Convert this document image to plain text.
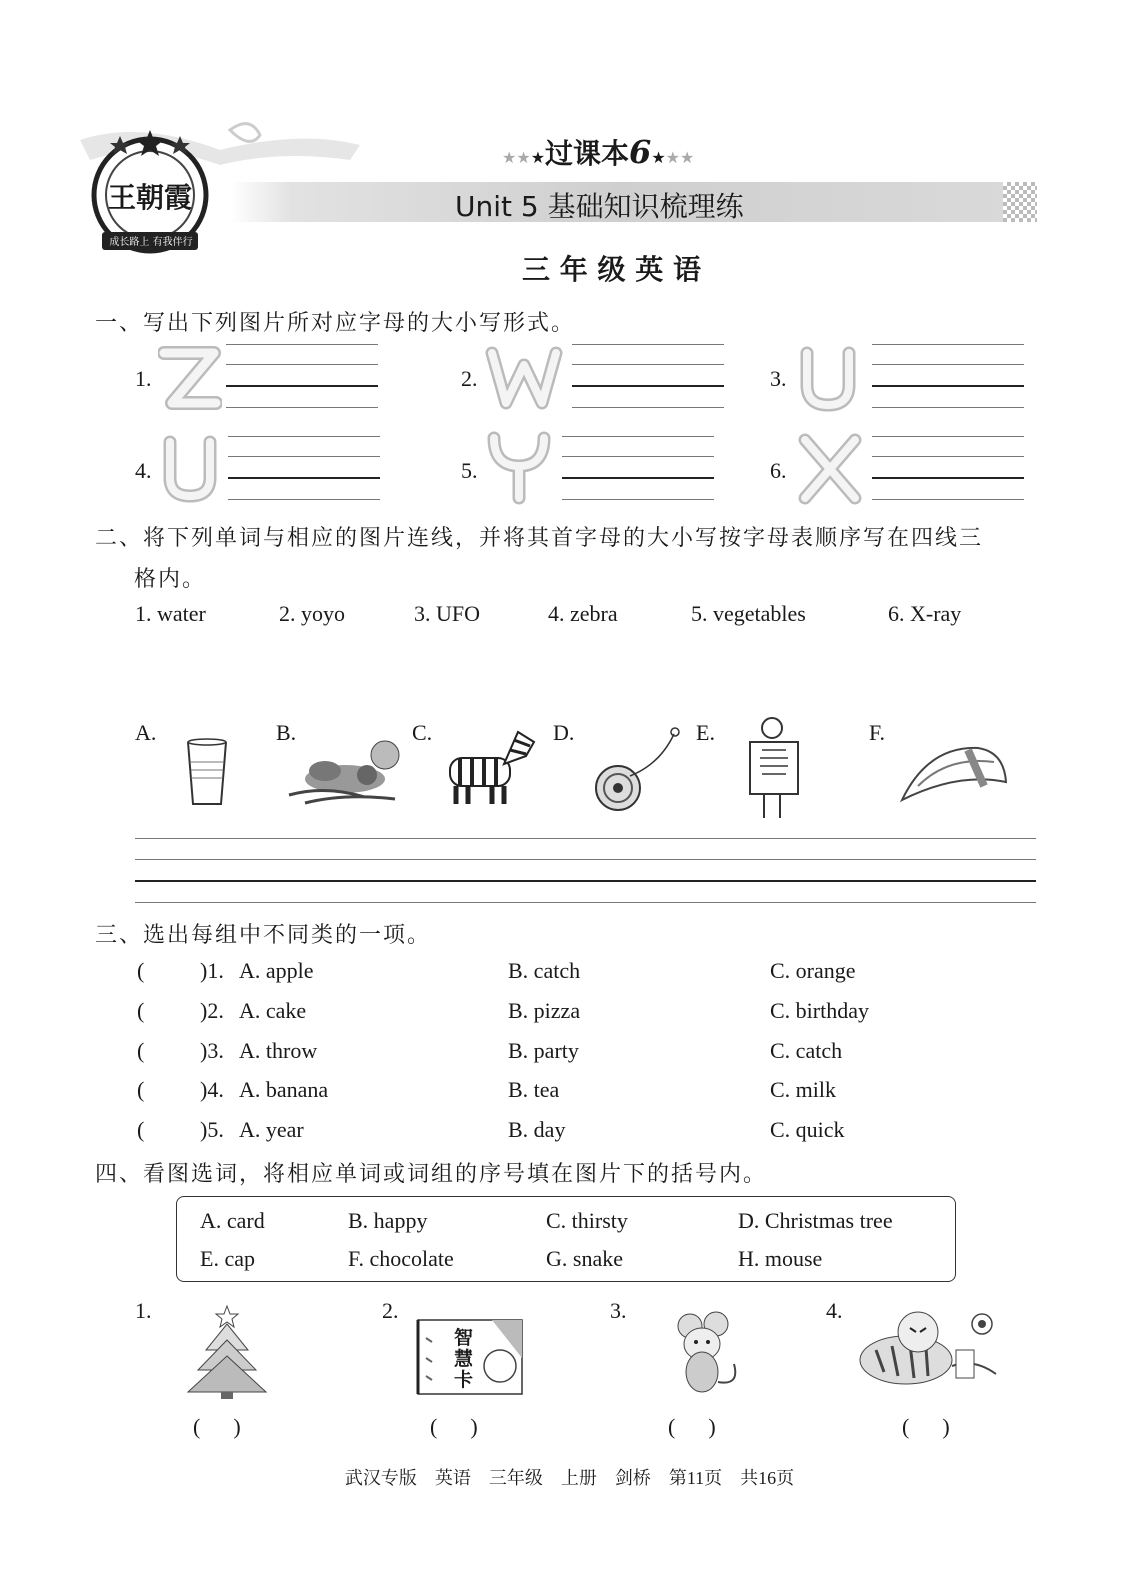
王朝霞
成长路上 有我伴行
★★★过课本6★★★
Unit 5 基础知识梳理练
三 年 级 英 语
一、写出下列图片所对应字母的大小写形式。
1.	2.	3.
4.	5.	6.
二、将下列单词与相应的图片连线，并将其首字母的大小写按字母表顺序写在四线三
格内。
1. water	2. yoyo	3. UFO	4. zebra	5. vegetables	6. X-ray
A.	B.	C.	D.	E.	F.
三、选出每组中不同类的一项。
(	)1. A. apple	B. catch	C. orange
(	)2. A. cake	B. pizza	C. birthday
(	)3. A. throw	B. party	C. catch
(	)4. A. banana	B. tea	C. milk
(	)5. A. year	B. day	C. quick
四、看图选词，将相应单词或词组的序号填在图片下的括号内。
A. card	B. happy	C. thirsty	D. Christmas tree
E. cap	F. chocolate	G. snake	H. mouse
1.	2.
智慧卡
3.	4.
(      )	(      )	(      )	(      )
武汉专版　英语　三年级　上册　剑桥　第11页　共16页
